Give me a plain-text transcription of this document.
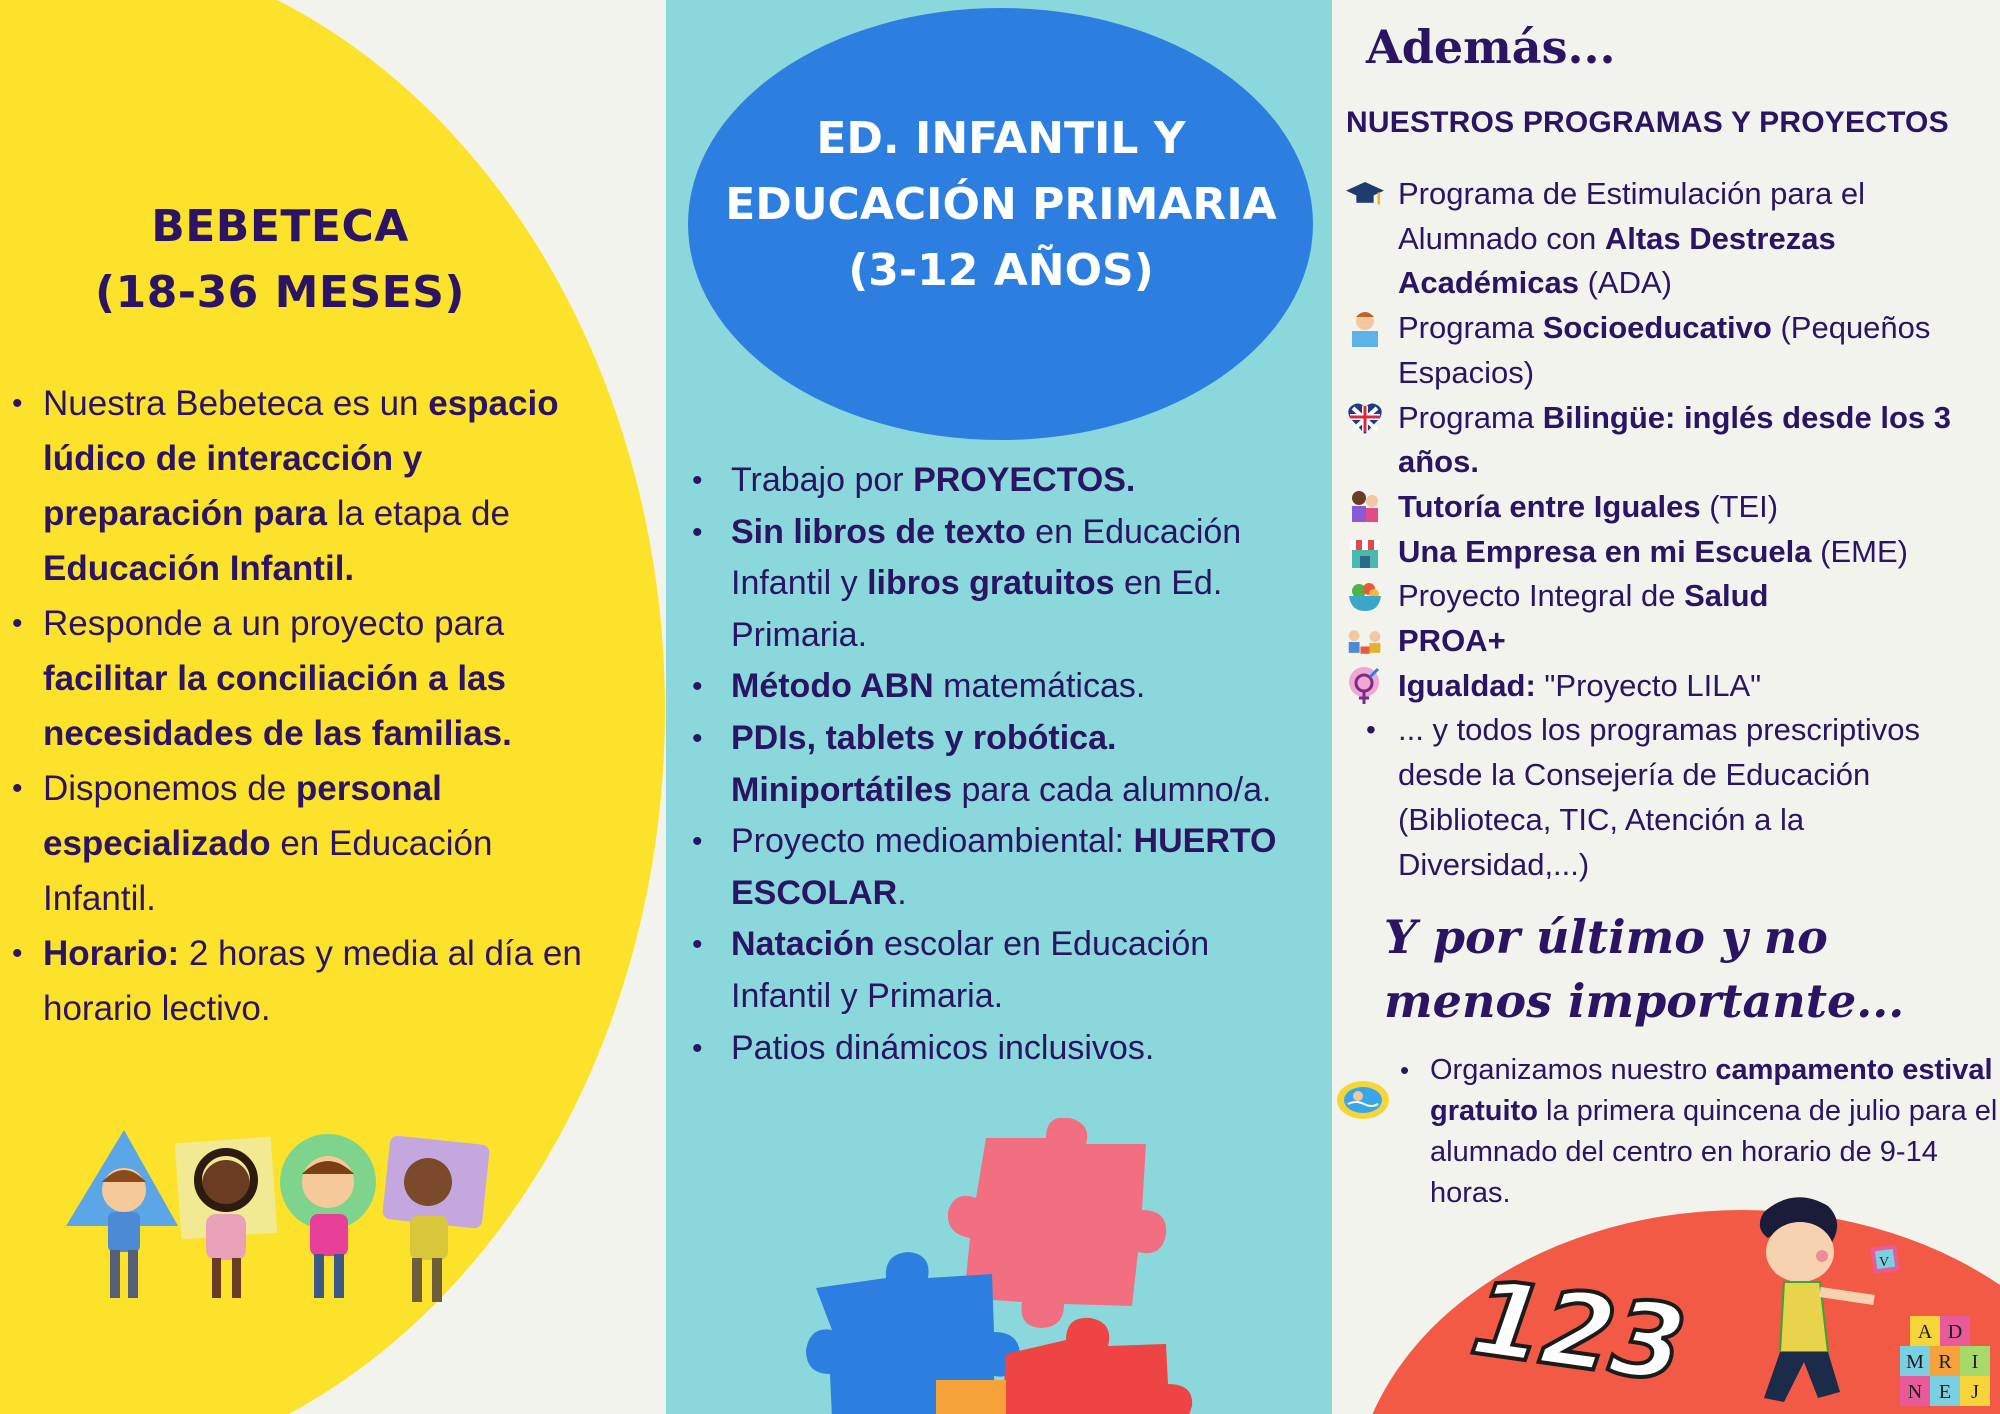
BEBETECA
(18-36 MESES)
• Nuestra Bebeteca es un espacio lúdico de interacción y preparación para la etapa de Educación Infantil.
• Responde a un proyecto para facilitar la conciliación a las necesidades de las familias.
• Disponemos de personal especializado en Educación Infantil.
• Horario: 2 horas y media al día en horario lectivo.
ED. INFANTIL Y
EDUCACIÓN PRIMARIA
(3-12 AÑOS)
• Trabajo por PROYECTOS.
• Sin libros de texto en Educación Infantil y libros gratuitos en Ed. Primaria.
• Método ABN matemáticas.
• PDIs, tablets y robótica. Miniportátiles para cada alumno/a.
• Proyecto medioambiental: HUERTO ESCOLAR.
• Natación escolar en Educación Infantil y Primaria.
• Patios dinámicos inclusivos.
Además...
NUESTROS PROGRAMAS Y PROYECTOS
Programa de Estimulación para el Alumnado con Altas Destrezas Académicas (ADA)
Programa Socioeducativo (Pequeños Espacios)
Programa Bilingüe: inglés desde los 3 años.
Tutoría entre Iguales (TEI)
Una Empresa en mi Escuela (EME)
Proyecto Integral de Salud
PROA+
Igualdad: "Proyecto LILA"
• ... y todos los programas prescriptivos desde la Consejería de Educación (Biblioteca, TIC, Atención a la Diversidad,...)
Y por último y no
menos importante...
• Organizamos nuestro campamento estival gratuito la primera quincena de julio para el alumnado del centro en horario de 9-14 horas.
123	V
A D
M R I
N E J
